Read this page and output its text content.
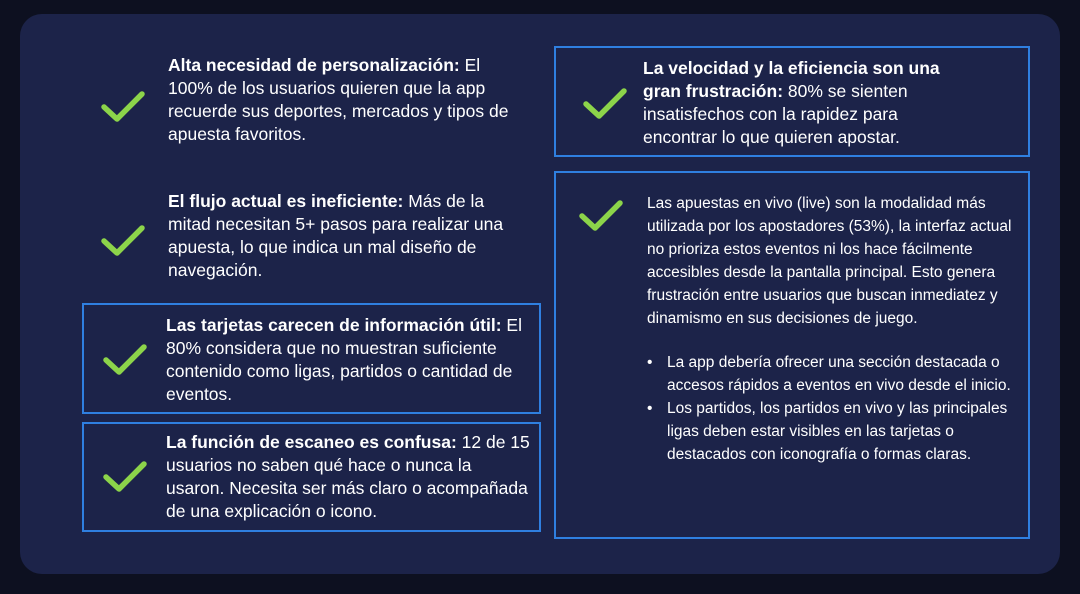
Alta necesidad de personalización: El 100% de los usuarios quieren que la app recuerde sus deportes, mercados y tipos de apuesta favoritos.
El flujo actual es ineficiente: Más de la mitad necesitan 5+ pasos para realizar una apuesta, lo que indica un mal diseño de navegación.
Las tarjetas carecen de información útil: El 80% considera que no muestran suficiente contenido como ligas, partidos o cantidad de eventos.
La función de escaneo es confusa: 12 de 15 usuarios no saben qué hace o nunca la usaron. Necesita ser más claro o acompañada de una explicación o icono.
La velocidad y la eficiencia son una gran frustración: 80% se sienten insatisfechos con la rapidez para encontrar lo que quieren apostar.

Las apuestas en vivo (live) son la modalidad más utilizada por los apostadores (53%), la interfaz actual no prioriza estos eventos ni los hace fácilmente accesibles desde la pantalla principal. Esto genera frustración entre usuarios que buscan inmediatez y dinamismo en sus decisiones de juego.

• La app debería ofrecer una sección destacada o accesos rápidos a eventos en vivo desde el inicio.
• Los partidos, los partidos en vivo y las principales ligas deben estar visibles en las tarjetas o destacados con iconografía o formas claras.
